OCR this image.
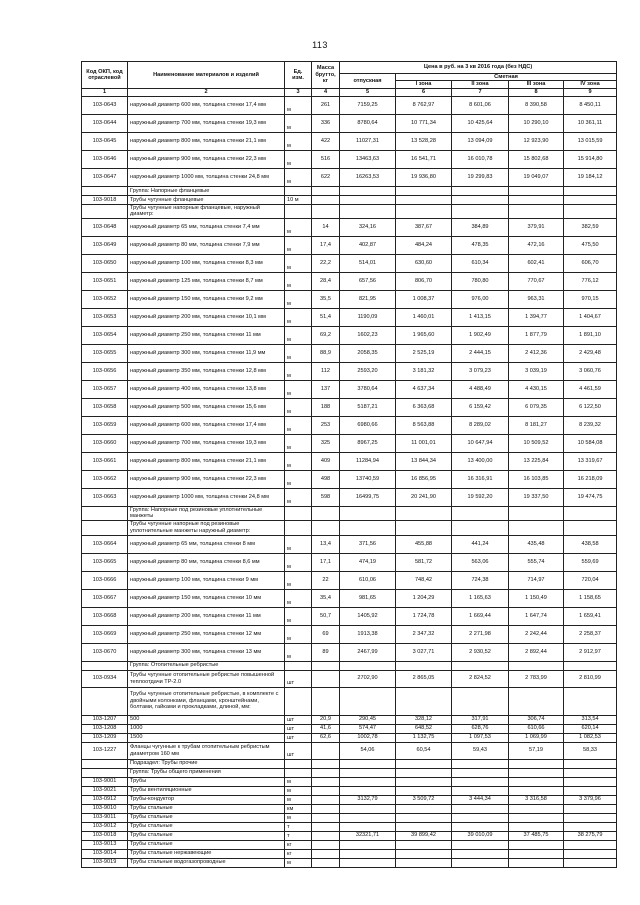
113
Код ОКП, код отраслевой	Наименование материалов и изделий	Ед. изм.	Масса брутто, кг	Цена в руб. на 3 кв 2016 года (без НДС)				
				отпускная	Сметная			
					I зона	II зона	III зона	IV зона
1	2	3	4	5	6	7	8	9
103-0643	наружный диаметр 600 мм, толщина стенки 17,4 мм	м	261	7159,25	8 762,97	8 601,06	8 390,58	8 450,11
103-0644	наружный диаметр 700 мм, толщина стенки 19,3 мм	м	336	8780,64	10 771,34	10 425,64	10 290,10	10 361,11
103-0645	наружный диаметр 800 мм, толщина стенки 21,1 мм	м	422	11027,31	13 528,28	13 094,09	12 923,90	13 015,59
103-0646	наружный диаметр 900 мм, толщина стенки 22,3 мм	м	516	13463,63	16 541,71	16 010,78	15 802,68	15 914,80
103-0647	наружный диаметр 1000 мм, толщина стенки 24,8 мм	м	622	16263,53	19 936,80	19 299,83	19 049,07	19 184,12
	Группа: Напорные фланцевые							
103-9018	Трубы чугунные фланцевые	10 м						
	Трубы чугунные напорные фланцевые, наружный диаметр:							
103-0648	наружный диаметр 65 мм, толщина стенки 7,4 мм	м	14	324,16	387,67	384,89	379,91	382,59
103-0649	наружный диаметр 80 мм, толщина стенки 7,9 мм	м	17,4	402,87	484,24	478,35	472,16	475,50
103-0650	наружный диаметр 100 мм, толщина стенки 8,3 мм	м	22,2	514,01	630,60	610,34	602,41	606,70
103-0651	наружный диаметр 125 мм, толщина стенки 8,7 мм	м	28,4	657,56	806,70	780,80	770,67	776,12
103-0652	наружный диаметр 150 мм, толщина стенки 9,2 мм	м	35,5	821,95	1 008,37	976,00	963,31	970,15
103-0653	наружный диаметр 200 мм, толщина стенки 10,1 мм	м	51,4	1190,09	1 460,01	1 413,15	1 394,77	1 404,67
103-0654	наружный диаметр 250 мм, толщина стенки 11 мм	м	69,2	1602,23	1 965,60	1 902,49	1 877,79	1 891,10
103-0655	наружный диаметр 300 мм, толщина стенки 11,9 мм	м	88,9	2058,35	2 525,19	2 444,15	2 412,36	2 429,48
103-0656	наружный диаметр 350 мм, толщина стенки 12,8 мм	м	112	2593,20	3 181,32	3 079,23	3 039,19	3 060,76
103-0657	наружный диаметр 400 мм, толщина стенки 13,8 мм	м	137	3780,64	4 637,34	4 488,49	4 430,15	4 461,59
103-0658	наружный диаметр 500 мм, толщина стенки 15,6 мм	м	188	5187,21	6 363,68	6 159,42	6 079,35	6 122,50
103-0659	наружный диаметр 600 мм, толщина стенки 17,4 мм	м	253	6980,66	8 563,88	8 289,02	8 181,27	8 239,32
103-0660	наружный диаметр 700 мм, толщина стенки 19,3 мм	м	325	8967,25	11 001,01	10 647,94	10 509,52	10 584,08
103-0661	наружный диаметр 800 мм, толщина стенки 21,1 мм	м	409	11284,94	13 844,34	13 400,00	13 225,84	13 319,67
103-0662	наружный диаметр 900 мм, толщина стенки 22,3 мм	м	498	13740,59	16 856,95	16 316,91	16 103,85	16 218,09
103-0663	наружный диаметр 1000 мм, толщина стенки 24,8 мм	м	598	16499,75	20 241,90	19 592,20	19 337,50	19 474,75
	Группа: Напорные под резиновые уплотнительные манжеты							
	Трубы чугунные напорные под резиновые уплотнительные манжеты наружный диаметр:							
103-0664	наружный диаметр 65 мм, толщина стенки 8 мм	м	13,4	371,56	455,88	441,24	435,48	438,58
103-0665	наружный диаметр 80 мм, толщина стенки 8,6 мм	м	17,1	474,19	581,72	563,06	555,74	559,69
103-0666	наружный диаметр 100 мм, толщина стенки 9 мм	м	22	610,06	748,42	724,38	714,97	720,04
103-0667	наружный диаметр 150 мм, толщина стенки 10 мм	м	35,4	981,65	1 204,29	1 165,63	1 150,49	1 158,65
103-0668	наружный диаметр 200 мм, толщина стенки 11 мм	м	50,7	1405,92	1 724,78	1 669,44	1 647,74	1 659,41
103-0669	наружный диаметр 250 мм, толщина стенки 12 мм	м	69	1913,38	2 347,32	2 271,98	2 242,44	2 258,37
103-0670	наружный диаметр 300 мм, толщина стенки 13 мм	м	89	2467,99	3 027,71	2 930,52	2 892,44	2 912,97
	Группа: Отопительные ребристые							
103-0934	Трубы чугунные отопительные ребристые повышенной теплоотдачи ТР-2.0	шт		2702,90	2 865,05	2 824,52	2 783,99	2 810,99
	Трубы чугунные отопительные ребристые, в комплекте с двойными колонками, фланцами, кронштейнами, болтами, гайками и прокладками, длиной, мм:							
103-1207	500	шт	20,9	290,45	328,12	317,91	306,74	313,54
103-1208	1000	шт	41,6	574,47	648,52	628,76	610,66	620,14
103-1209	1500	шт	62,6	1002,78	1 132,75	1 097,53	1 069,99	1 082,53
103-1227	Фланцы чугунные к трубам отопительным ребристым диаметром 160 мм	шт		54,06	60,54	59,43	57,19	58,33
	Подраздел: Трубы прочие							
	Группа: Трубы общего применения							
103-9001	Трубы	м						
103-9021	Трубы вентиляционные	м						
103-0912	Трубы-кондуктор	м		3132,79	3 509,72	3 444,34	3 316,58	3 379,96
103-9010	Трубы стальные	км						
103-9011	Трубы стальные	м						
103-9012	Трубы стальные	т						
103-0018	Трубы стальные	т		32321,71	39 899,42	39 010,09	37 485,75	38 275,79
103-9013	Трубы стальные	кг						
103-9014	Трубы стальные нержавеющие	кг						
103-9019	Трубы стальные водогазопроводные	м						
